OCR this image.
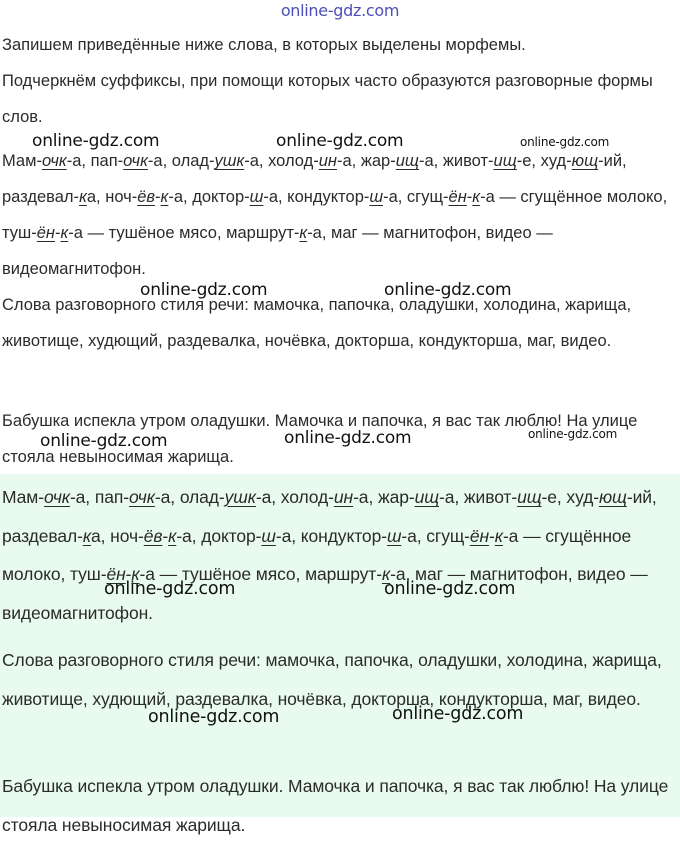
online-gdz.com

Запишем приведённые ниже слова, в которых выделены морфемы.

Подчеркнём суффиксы, при помощи которых часто образуются разговорные формы слов.

Мам-очк-а, пап-очк-а, олад-ушк-а, холод-ин-а, жар-ищ-а, живот-ищ-е, худ-ющ-ий, раздевал-ка, ноч-ёв-к-а, доктор-ш-а, кондуктор-ш-а, сгущ-ён-к-а — сгущённое молоко, туш-ён-к-а — тушёное мясо, маршрут-к-а, маг — магнитофон, видео — видеомагнитофон.

Слова разговорного стиля речи: мамочка, папочка, оладушки, холодина, жарища, животище, худющий, раздевалка, ночёвка, докторша, кондукторша, маг, видео.

Бабушка испекла утром оладушки. Мамочка и папочка, я вас так люблю! На улице стояла невыносимая жарища.

Мам-очк-а, пап-очк-а, олад-ушк-а, холод-ин-а, жар-ищ-а, живот-ищ-е, худ-ющ-ий, раздевал-ка, ноч-ёв-к-а, доктор-ш-а, кондуктор-ш-а, сгущ-ён-к-а — сгущённое молоко, туш-ён-к-а — тушёное мясо, маршрут-к-а, маг — магнитофон, видео — видеомагнитофон.

Слова разговорного стиля речи: мамочка, папочка, оладушки, холодина, жарища, животище, худющий, раздевалка, ночёвка, докторша, кондукторша, маг, видео.

Бабушка испекла утром оладушки. Мамочка и папочка, я вас так люблю! На улице стояла невыносимая жарища.

online-gdz.com	online-gdz.com	online-gdz.com
online-gdz.com	online-gdz.com
online-gdz.com	online-gdz.com	online-gdz.com
online-gdz.com	online-gdz.com
online-gdz.com	online-gdz.com
